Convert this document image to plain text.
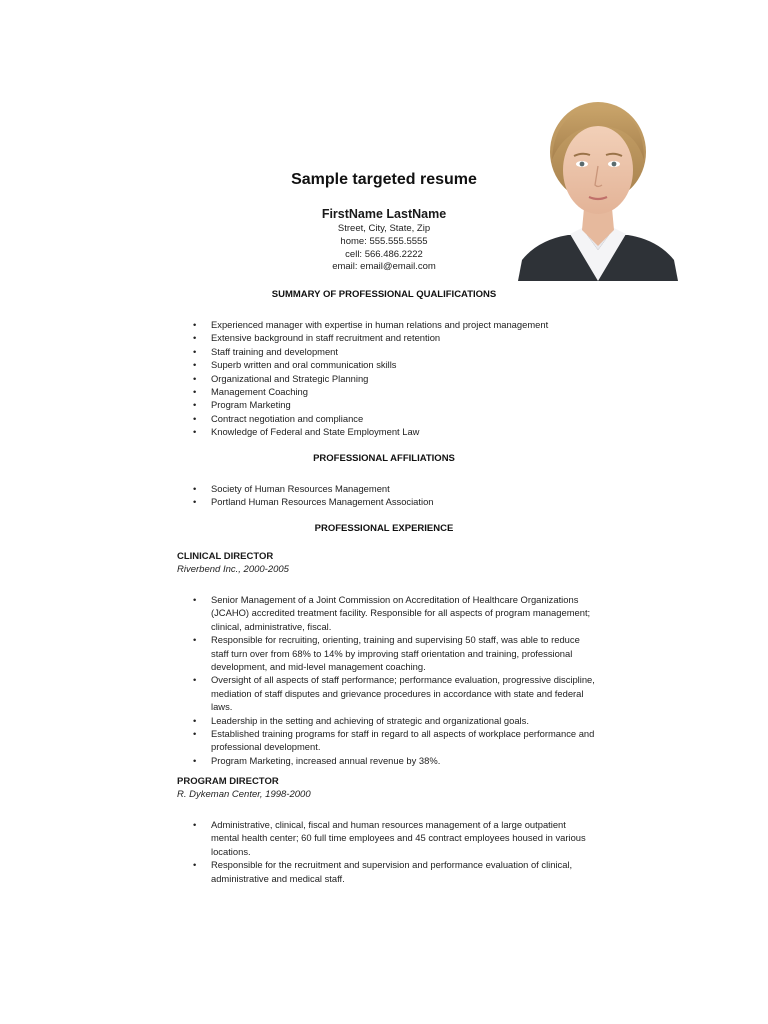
Sample targeted resume
FirstName LastName
Street, City, State, Zip
home: 555.555.5555
cell: 566.486.2222
email: email@email.com
SUMMARY OF PROFESSIONAL QUALIFICATIONS
• Experienced manager with expertise in human relations and project management
• Extensive background in staff recruitment and retention
• Staff training and development
• Superb written and oral communication skills
• Organizational and Strategic Planning
• Management Coaching
• Program Marketing
• Contract negotiation and compliance
• Knowledge of Federal and State Employment Law
PROFESSIONAL AFFILIATIONS
• Society of Human Resources Management
• Portland Human Resources Management Association
PROFESSIONAL EXPERIENCE
CLINICAL DIRECTOR
Riverbend Inc., 2000-2005
• Senior Management of a Joint Commission on Accreditation of Healthcare Organizations (JCAHO) accredited treatment facility. Responsible for all aspects of program management; clinical, administrative, fiscal.
• Responsible for recruiting, orienting, training and supervising 50 staff, was able to reduce staff turn over from 68% to 14% by improving staff orientation and training, professional development, and mid-level management coaching.
• Oversight of all aspects of staff performance; performance evaluation, progressive discipline, mediation of staff disputes and grievance procedures in accordance with state and federal laws.
• Leadership in the setting and achieving of strategic and organizational goals.
• Established training programs for staff in regard to all aspects of workplace performance and professional development.
• Program Marketing, increased annual revenue by 38%.
PROGRAM DIRECTOR
R. Dykeman Center, 1998-2000
• Administrative, clinical, fiscal and human resources management of a large outpatient mental health center; 60 full time employees and 45 contract employees housed in various locations.
• Responsible for the recruitment and supervision and performance evaluation of clinical, administrative and medical staff.
